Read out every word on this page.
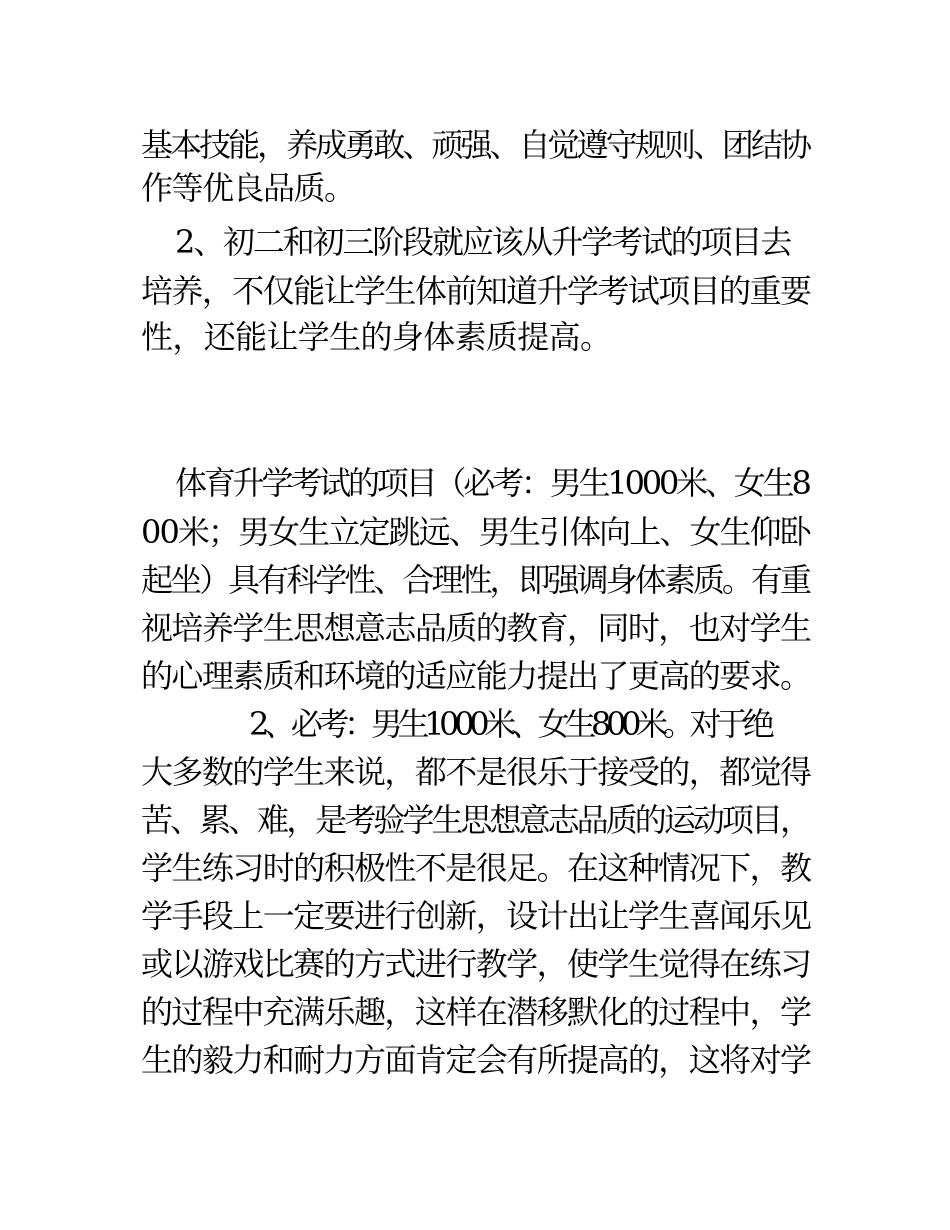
基本技能，养成勇敢、顽强、自觉遵守规则、团结协
作等优良品质。
2、初二和初三阶段就应该从升学考试的项目去
培养，不仅能让学生体前知道升学考试项目的重要
性，还能让学生的身体素质提高。
体育升学考试的项目（必考：男生1000米、女生8
00米；男女生立定跳远、男生引体向上、女生仰卧
起坐）具有科学性、合理性，即强调身体素质。有重
视培养学生思想意志品质的教育，同时，也对学生
的心理素质和环境的适应能力提出了更高的要求。
2、必考：男生1000米、女生800米。对于绝
大多数的学生来说，都不是很乐于接受的，都觉得
苦、累、难，是考验学生思想意志品质的运动项目，
学生练习时的积极性不是很足。在这种情况下，教
学手段上一定要进行创新，设计出让学生喜闻乐见
或以游戏比赛的方式进行教学，使学生觉得在练习
的过程中充满乐趣，这样在潜移默化的过程中，学
生的毅力和耐力方面肯定会有所提高的，这将对学
